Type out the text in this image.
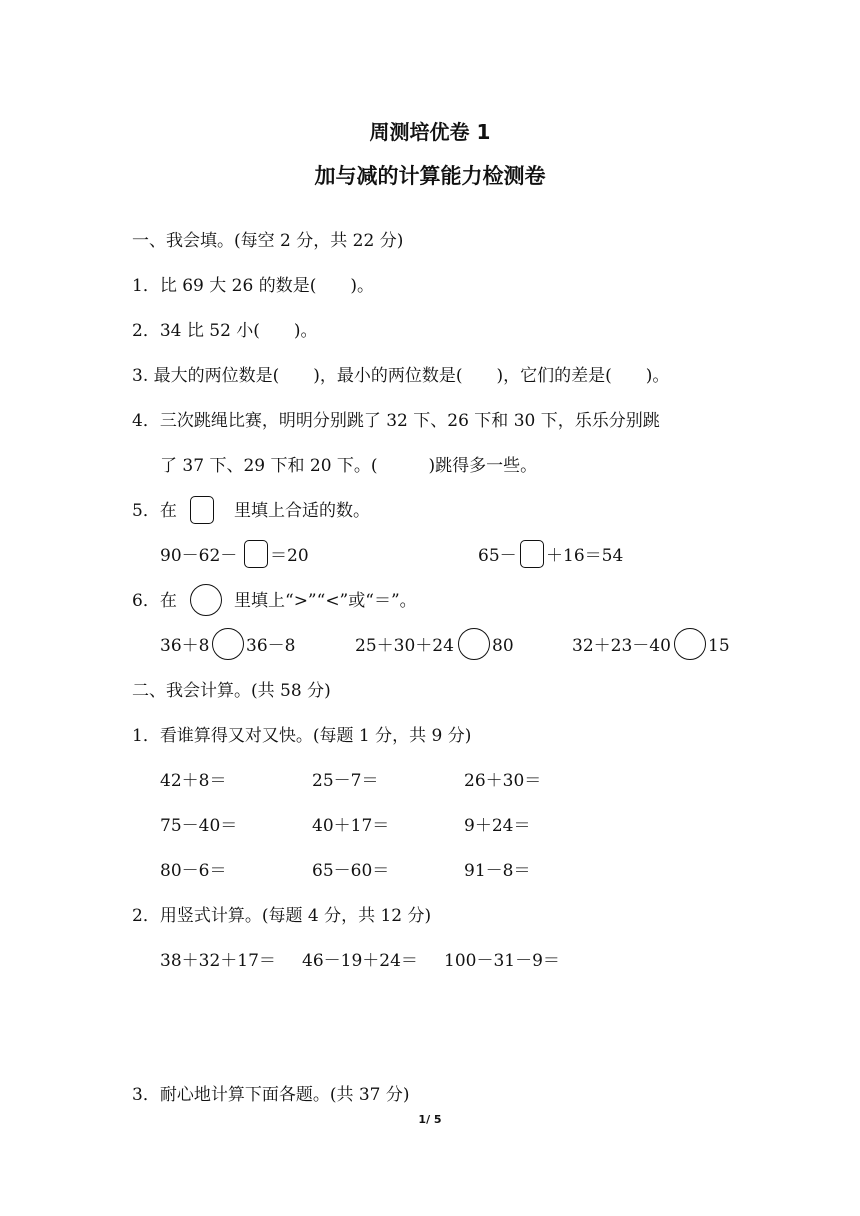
周测培优卷 1
加与减的计算能力检测卷
一、我会填。(每空 2 分，共 22 分)
1．比 69 大 26 的数是(　　)。
2．34 比 52 小(　　)。
3. 最大的两位数是(　　)，最小的两位数是(　　)，它们的差是(　　)。
4．三次跳绳比赛，明明分别跳了 32 下、26 下和 30 下，乐乐分别跳
了 37 下、29 下和 20 下。(　　　)跳得多一些。
5．在	里填上合适的数。
90－62－ ＝20	65－ ＋16＝54
6．在	里填上“>”“<”或“＝”。
36＋8 36－8	25＋30＋24 80	32＋23－40 15
二、我会计算。(共 58 分)
1．看谁算得又对又快。(每题 1 分，共 9 分)
42＋8＝	25－7＝	26＋30＝
75－40＝	40＋17＝	9＋24＝
80－6＝	65－60＝	91－8＝
2．用竖式计算。(每题 4 分，共 12 分)
38＋32＋17＝ 46－19＋24＝ 100－31－9＝
3．耐心地计算下面各题。(共 37 分)
1/ 5
